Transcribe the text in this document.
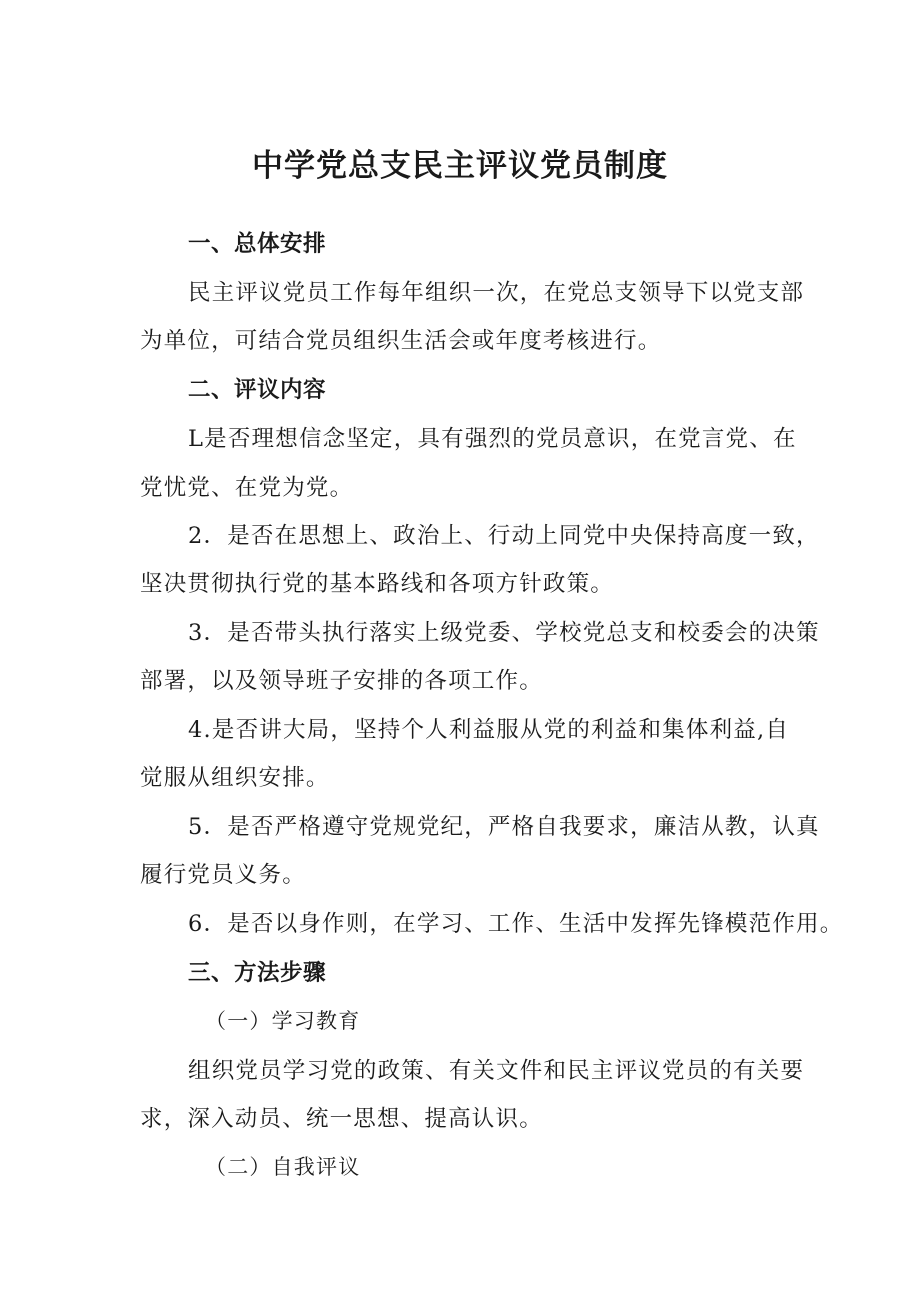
中学党总支民主评议党员制度
一、总体安排
民主评议党员工作每年组织一次，在党总支领导下以党支部
为单位，可结合党员组织生活会或年度考核进行。
二、评议内容
L是否理想信念坚定，具有强烈的党员意识，在党言党、在
党忧党、在党为党。
2．是否在思想上、政治上、行动上同党中央保持高度一致，
坚决贯彻执行党的基本路线和各项方针政策。
3．是否带头执行落实上级党委、学校党总支和校委会的决策
部署，以及领导班子安排的各项工作。
4.是否讲大局，坚持个人利益服从党的利益和集体利益,自
觉服从组织安排。
5．是否严格遵守党规党纪，严格自我要求，廉洁从教，认真
履行党员义务。
6．是否以身作则，在学习、工作、生活中发挥先锋模范作用。
三、方法步骤
（一）学习教育
组织党员学习党的政策、有关文件和民主评议党员的有关要
求，深入动员、统一思想、提高认识。
（二）自我评议
